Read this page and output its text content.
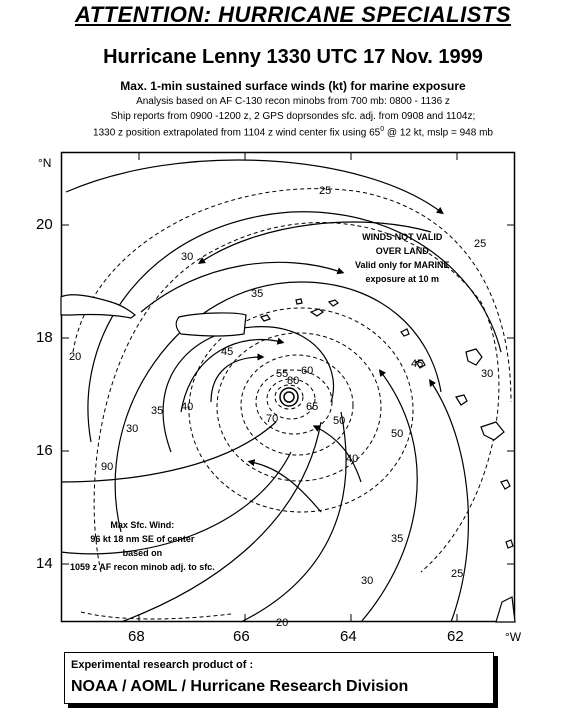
ATTENTION: HURRICANE SPECIALISTS
Hurricane Lenny 1330 UTC 17 Nov. 1999
Max. 1-min sustained surface winds (kt) for marine exposure
Analysis based on AF C-130 recon minobs from 700 mb: 0800 - 1136 z
Ship reports from 0900 -1200 z, 2 GPS doprsondes sfc. adj. from 0908 and 1104z;
1330 z position extrapolated from 1104 z wind center fix using $65^0$ @ 12 kt, mslp = 948 mb
°N
20
18
16
14
68	66	64	62	°W
25
25
30
35
30
45
45
20
30
90
35 40
55 60
65
70
80
50
50
40
35
30
25
20
WINDS NOT VALID
OVER LAND
Valid only for MARINE
exposure at 10 m
Max Sfc. Wind:
96 kt 18 nm SE of center
based on
1059 z AF recon minob adj. to sfc.
Experimental research product of :
NOAA / AOML / Hurricane Research Division
